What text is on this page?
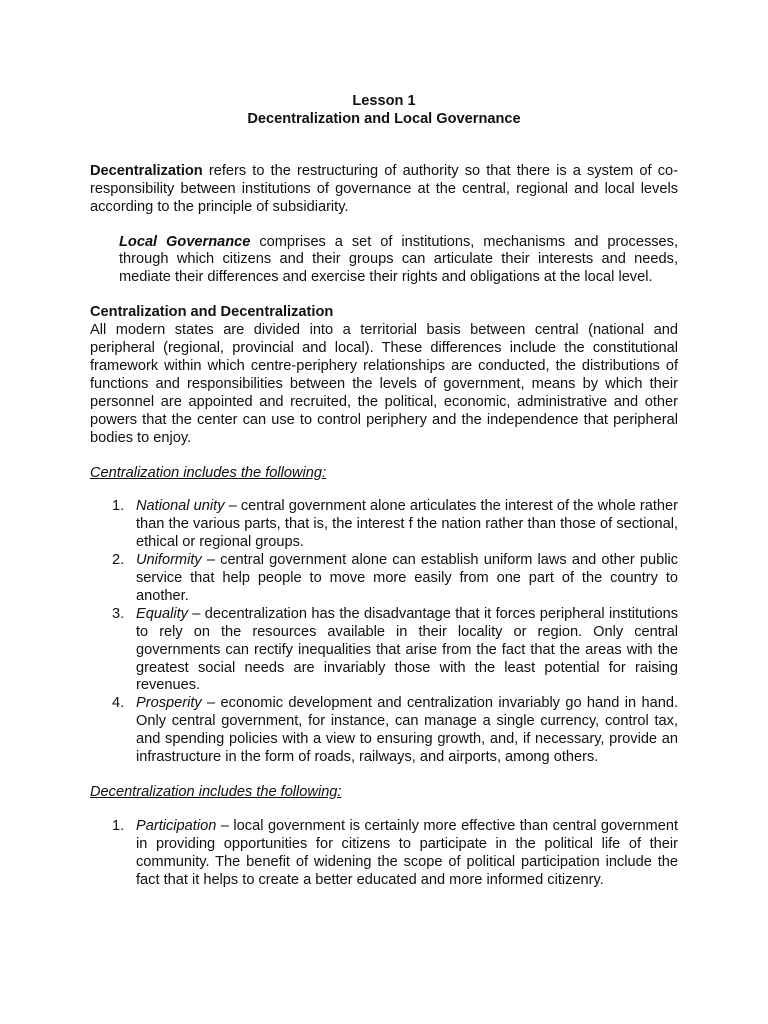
Lesson 1
Decentralization and Local Governance

Decentralization refers to the restructuring of authority so that there is a system of co-responsibility between institutions of governance at the central, regional and local levels according to the principle of subsidiarity.

Local Governance comprises a set of institutions, mechanisms and processes, through which citizens and their groups can articulate their interests and needs, mediate their differences and exercise their rights and obligations at the local level.

Centralization and Decentralization

All modern states are divided into a territorial basis between central (national and peripheral (regional, provincial and local). These differences include the constitutional framework within which centre-periphery relationships are conducted, the distributions of functions and responsibilities between the levels of government, means by which their personnel are appointed and recruited, the political, economic, administrative and other powers that the center can use to control periphery and the independence that peripheral bodies to enjoy.

Centralization includes the following:

1. National unity – central government alone articulates the interest of the whole rather than the various parts, that is, the interest f the nation rather than those of sectional, ethical or regional groups.
2. Uniformity – central government alone can establish uniform laws and other public service that help people to move more easily from one part of the country to another.
3. Equality – decentralization has the disadvantage that it forces peripheral institutions to rely on the resources available in their locality or region. Only central governments can rectify inequalities that arise from the fact that the areas with the greatest social needs are invariably those with the least potential for raising revenues.
4. Prosperity – economic development and centralization invariably go hand in hand. Only central government, for instance, can manage a single currency, control tax, and spending policies with a view to ensuring growth, and, if necessary, provide an infrastructure in the form of roads, railways, and airports, among others.

Decentralization includes the following:

1. Participation – local government is certainly more effective than central government in providing opportunities for citizens to participate in the political life of their community. The benefit of widening the scope of political participation include the fact that it helps to create a better educated and more informed citizenry.
